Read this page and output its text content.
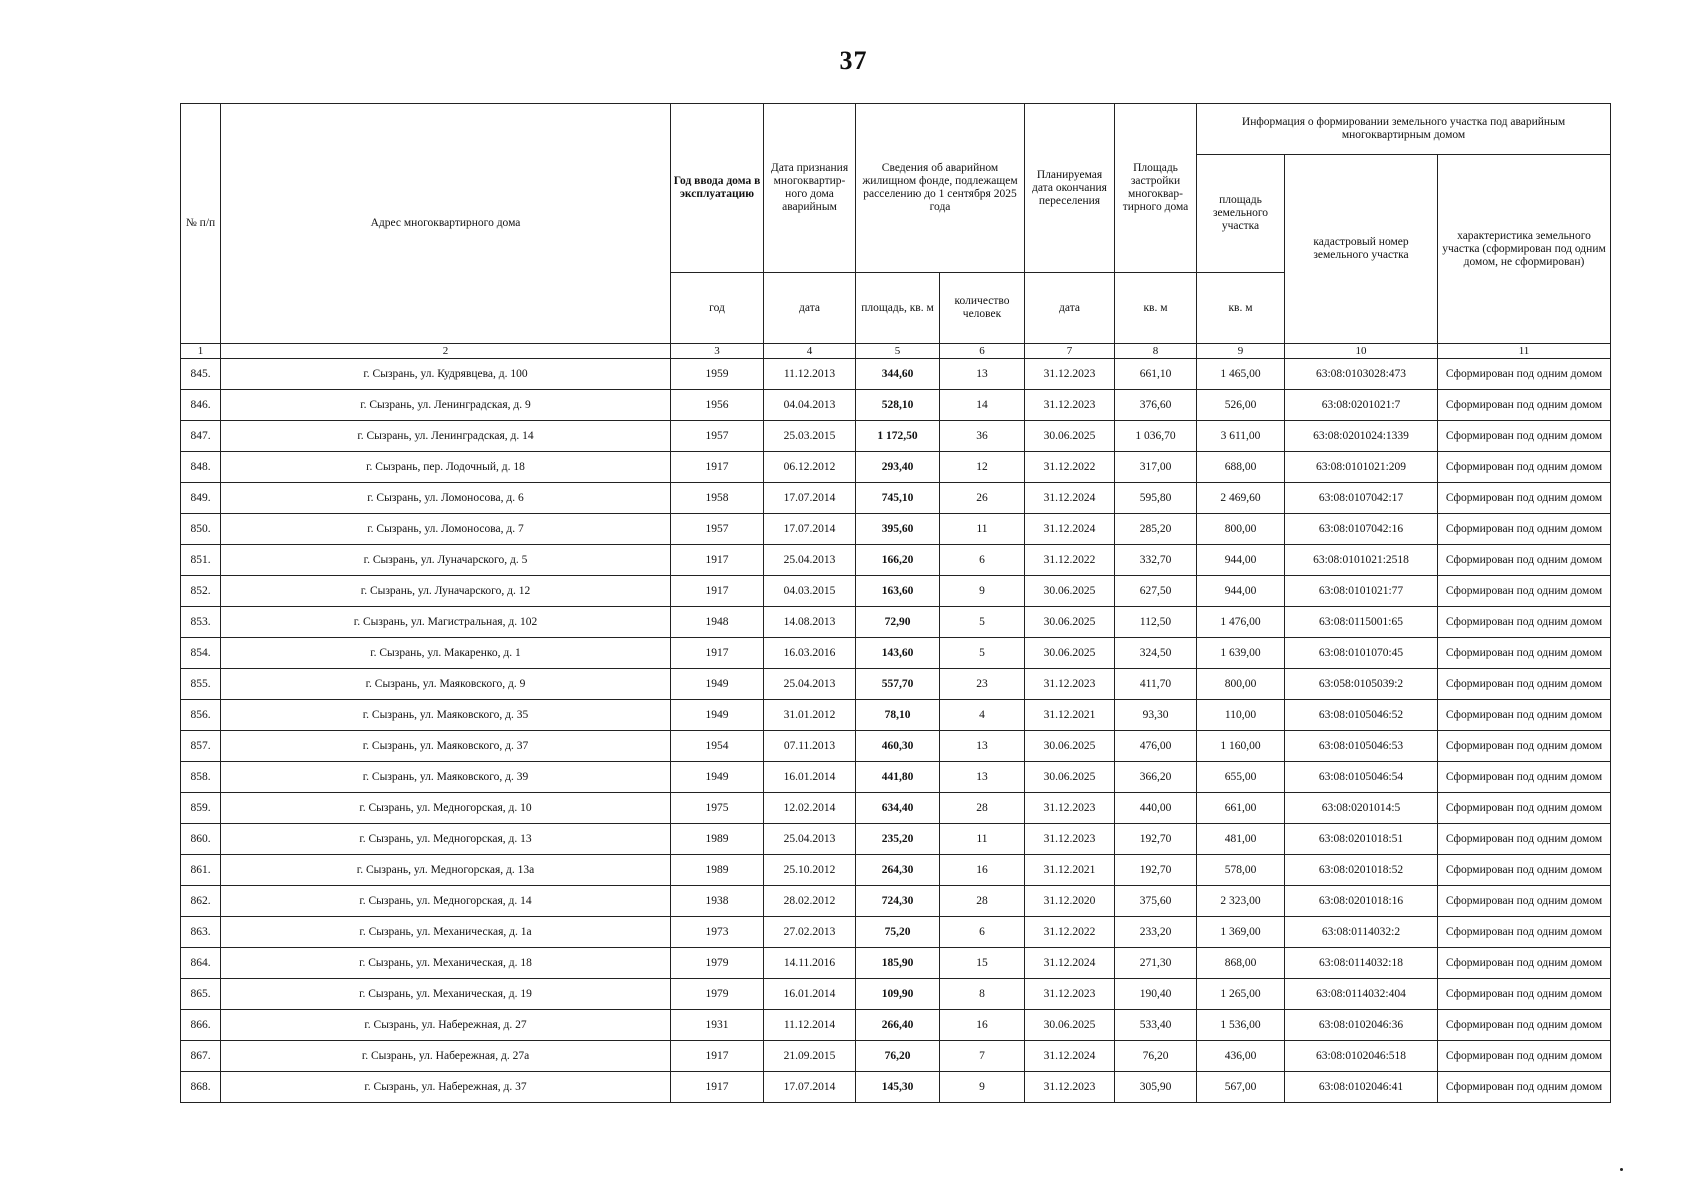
37
№ п/п	Адрес многоквартирного дома	Год ввода дома в эксплуатацию	Дата признания многоквартир-ного дома аварийным	Сведения об аварийном жилищном фонде, подлежащем расселению до 1 сентября 2025 года		Планируемая дата окончания переселения	Площадь застройки многоквар-тирного дома	Информация о формировании земельного участка под аварийным многоквартирным домом		
								площадь земельного участка	кадастровый номер земельного участка	характеристика земельного участка (сформирован под одним домом, не сформирован)
		год	дата	площадь, кв. м	количество человек	дата	кв. м	кв. м		
1	2	3	4	5	6	7	8	9	10	11
845.	г. Сызрань, ул. Кудрявцева, д. 100	1959	11.12.2013	344,60	13	31.12.2023	661,10	1 465,00	63:08:0103028:473	Сформирован под одним домом
846.	г. Сызрань, ул. Ленинградская, д. 9	1956	04.04.2013	528,10	14	31.12.2023	376,60	526,00	63:08:0201021:7	Сформирован под одним домом
847.	г. Сызрань, ул. Ленинградская, д. 14	1957	25.03.2015	1 172,50	36	30.06.2025	1 036,70	3 611,00	63:08:0201024:1339	Сформирован под одним домом
848.	г. Сызрань, пер. Лодочный, д. 18	1917	06.12.2012	293,40	12	31.12.2022	317,00	688,00	63:08:0101021:209	Сформирован под одним домом
849.	г. Сызрань, ул. Ломоносова, д. 6	1958	17.07.2014	745,10	26	31.12.2024	595,80	2 469,60	63:08:0107042:17	Сформирован под одним домом
850.	г. Сызрань, ул. Ломоносова, д. 7	1957	17.07.2014	395,60	11	31.12.2024	285,20	800,00	63:08:0107042:16	Сформирован под одним домом
851.	г. Сызрань, ул. Луначарского, д. 5	1917	25.04.2013	166,20	6	31.12.2022	332,70	944,00	63:08:0101021:2518	Сформирован под одним домом
852.	г. Сызрань, ул. Луначарского, д. 12	1917	04.03.2015	163,60	9	30.06.2025	627,50	944,00	63:08:0101021:77	Сформирован под одним домом
853.	г. Сызрань, ул. Магистральная, д. 102	1948	14.08.2013	72,90	5	30.06.2025	112,50	1 476,00	63:08:0115001:65	Сформирован под одним домом
854.	г. Сызрань, ул. Макаренко, д. 1	1917	16.03.2016	143,60	5	30.06.2025	324,50	1 639,00	63:08:0101070:45	Сформирован под одним домом
855.	г. Сызрань, ул. Маяковского, д. 9	1949	25.04.2013	557,70	23	31.12.2023	411,70	800,00	63:058:0105039:2	Сформирован под одним домом
856.	г. Сызрань, ул. Маяковского, д. 35	1949	31.01.2012	78,10	4	31.12.2021	93,30	110,00	63:08:0105046:52	Сформирован под одним домом
857.	г. Сызрань, ул. Маяковского, д. 37	1954	07.11.2013	460,30	13	30.06.2025	476,00	1 160,00	63:08:0105046:53	Сформирован под одним домом
858.	г. Сызрань, ул. Маяковского, д. 39	1949	16.01.2014	441,80	13	30.06.2025	366,20	655,00	63:08:0105046:54	Сформирован под одним домом
859.	г. Сызрань, ул. Медногорская, д. 10	1975	12.02.2014	634,40	28	31.12.2023	440,00	661,00	63:08:0201014:5	Сформирован под одним домом
860.	г. Сызрань, ул. Медногорская, д. 13	1989	25.04.2013	235,20	11	31.12.2023	192,70	481,00	63:08:0201018:51	Сформирован под одним домом
861.	г. Сызрань, ул. Медногорская, д. 13а	1989	25.10.2012	264,30	16	31.12.2021	192,70	578,00	63:08:0201018:52	Сформирован под одним домом
862.	г. Сызрань, ул. Медногорская, д. 14	1938	28.02.2012	724,30	28	31.12.2020	375,60	2 323,00	63:08:0201018:16	Сформирован под одним домом
863.	г. Сызрань, ул. Механическая, д. 1а	1973	27.02.2013	75,20	6	31.12.2022	233,20	1 369,00	63:08:0114032:2	Сформирован под одним домом
864.	г. Сызрань, ул. Механическая, д. 18	1979	14.11.2016	185,90	15	31.12.2024	271,30	868,00	63:08:0114032:18	Сформирован под одним домом
865.	г. Сызрань, ул. Механическая, д. 19	1979	16.01.2014	109,90	8	31.12.2023	190,40	1 265,00	63:08:0114032:404	Сформирован под одним домом
866.	г. Сызрань, ул. Набережная, д. 27	1931	11.12.2014	266,40	16	30.06.2025	533,40	1 536,00	63:08:0102046:36	Сформирован под одним домом
867.	г. Сызрань, ул. Набережная, д. 27а	1917	21.09.2015	76,20	7	31.12.2024	76,20	436,00	63:08:0102046:518	Сформирован под одним домом
868.	г. Сызрань, ул. Набережная, д. 37	1917	17.07.2014	145,30	9	31.12.2023	305,90	567,00	63:08:0102046:41	Сформирован под одним домом
